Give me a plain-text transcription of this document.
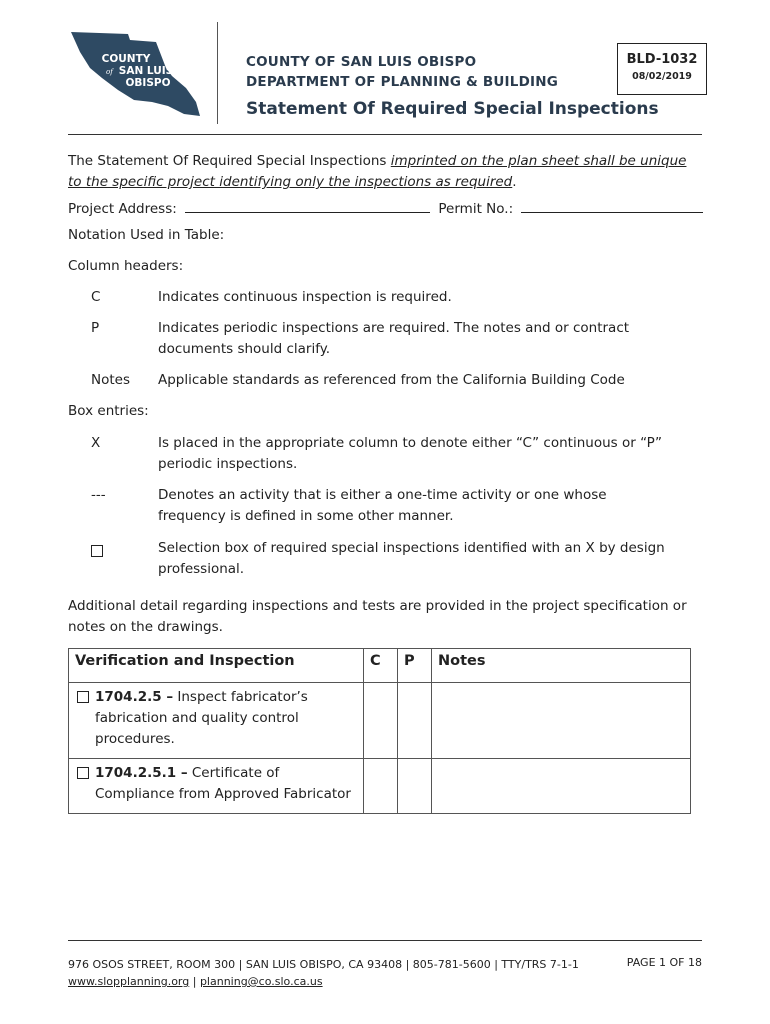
COUNTY
of SAN LUIS
OBISPO
COUNTY OF SAN LUIS OBISPO
DEPARTMENT OF PLANNING & BUILDING
Statement Of Required Special Inspections
BLD-1032
08/02/2019
The Statement Of Required Special Inspections imprinted on the plan sheet shall be unique to the specific project identifying only the inspections as required.
Project Address:	Permit No.:
Notation Used in Table:
Column headers:
C	Indicates continuous inspection is required.
P	Indicates periodic inspections are required. The notes and or contract documents should clarify.
Notes Applicable standards as referenced from the California Building Code
Box entries:
X	Is placed in the appropriate column to denote either “C” continuous or “P” periodic inspections.
---	Denotes an activity that is either a one-time activity or one whose frequency is defined in some other manner.
Selection box of required special inspections identified with an X by design professional.
Additional detail regarding inspections and tests are provided in the project specification or notes on the drawings.
Verification and Inspection	C	P	Notes

1704.2.5 – Inspect fabricator’s fabrication and quality control procedures.			

1704.2.5.1 – Certificate of Compliance from Approved Fabricator			

976 OSOS STREET, ROOM 300 | SAN LUIS OBISPO, CA 93408 | 805-781-5600 | TTY/TRS 7-1-1
www.slopplanning.org | planning@co.slo.ca.us
PAGE 1 OF 18
